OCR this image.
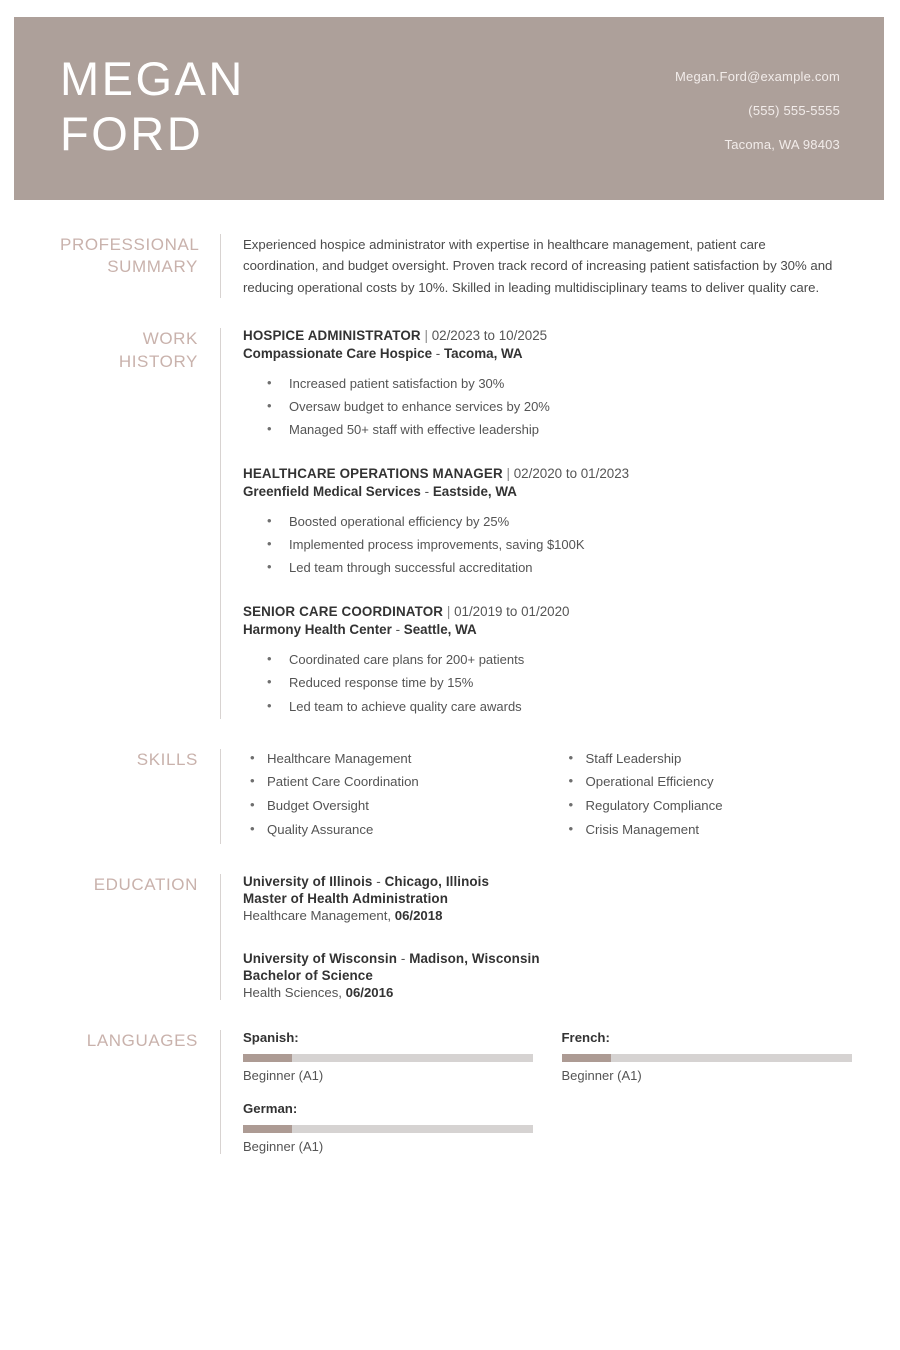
MEGAN
FORD
Megan.Ford@example.com
(555) 555-5555
Tacoma, WA 98403
PROFESSIONAL
SUMMARY
Experienced hospice administrator with expertise in healthcare management, patient care coordination, and budget oversight. Proven track record of increasing patient satisfaction by 30% and reducing operational costs by 10%. Skilled in leading multidisciplinary teams to deliver quality care.
WORK HISTORY
HOSPICE ADMINISTRATOR | 02/2023 to 10/2025
Compassionate Care Hospice - Tacoma, WA
• Increased patient satisfaction by 30%
• Oversaw budget to enhance services by 20%
• Managed 50+ staff with effective leadership
HEALTHCARE OPERATIONS MANAGER | 02/2020 to 01/2023
Greenfield Medical Services - Eastside, WA
• Boosted operational efficiency by 25%
• Implemented process improvements, saving $100K
• Led team through successful accreditation
SENIOR CARE COORDINATOR | 01/2019 to 01/2020
Harmony Health Center - Seattle, WA
• Coordinated care plans for 200+ patients
• Reduced response time by 15%
• Led team to achieve quality care awards
SKILLS	• Healthcare Management
• Patient Care Coordination
• Budget Oversight
• Quality Assurance
• Staff Leadership
• Operational Efficiency
• Regulatory Compliance
• Crisis Management
EDUCATION	University of Illinois - Chicago, Illinois
Master of Health Administration
Healthcare Management, 06/2018
University of Wisconsin - Madison, Wisconsin
Bachelor of Science
Health Sciences, 06/2016
LANGUAGES	Spanish:
Beginner (A1)
German:
Beginner (A1)
French:
Beginner (A1)
